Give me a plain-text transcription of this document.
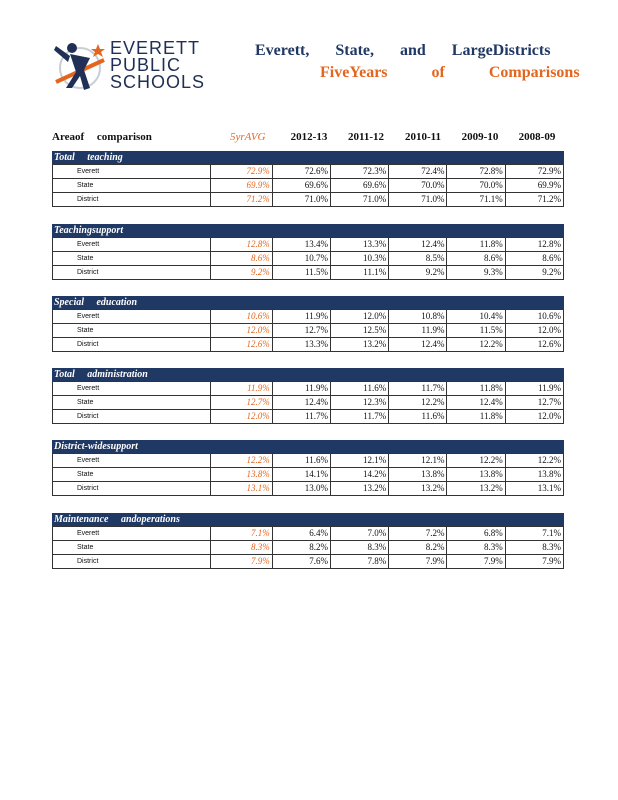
EVERETT
PUBLIC
SCHOOLS
Everett, State, and LargeDistricts
FiveYears of Comparisons
Areaof comparison	5yrAVG	2012-13	2011-12	2010-11	2009-10	2008-09
Total teaching
Everett	72.9%	72.6%	72.3%	72.4%	72.8%	72.9%
State	69.9%	69.6%	69.6%	70.0%	70.0%	69.9%
District	71.2%	71.0%	71.0%	71.0%	71.1%	71.2%
Teachingsupport
Everett	12.8%	13.4%	13.3%	12.4%	11.8%	12.8%
State	8.6%	10.7%	10.3%	8.5%	8.6%	8.6%
District	9.2%	11.5%	11.1%	9.2%	9.3%	9.2%
Special education
Everett	10.6%	11.9%	12.0%	10.8%	10.4%	10.6%
State	12.0%	12.7%	12.5%	11.9%	11.5%	12.0%
District	12.6%	13.3%	13.2%	12.4%	12.2%	12.6%
Total administration
Everett	11.9%	11.9%	11.6%	11.7%	11.8%	11.9%
State	12.7%	12.4%	12.3%	12.2%	12.4%	12.7%
District	12.0%	11.7%	11.7%	11.6%	11.8%	12.0%
District-widesupport
Everett	12.2%	11.6%	12.1%	12.1%	12.2%	12.2%
State	13.8%	14.1%	14.2%	13.8%	13.8%	13.8%
District	13.1%	13.0%	13.2%	13.2%	13.2%	13.1%
Maintenance andoperations
Everett	7.1%	6.4%	7.0%	7.2%	6.8%	7.1%
State	8.3%	8.2%	8.3%	8.2%	8.3%	8.3%
District	7.9%	7.6%	7.8%	7.9%	7.9%	7.9%
